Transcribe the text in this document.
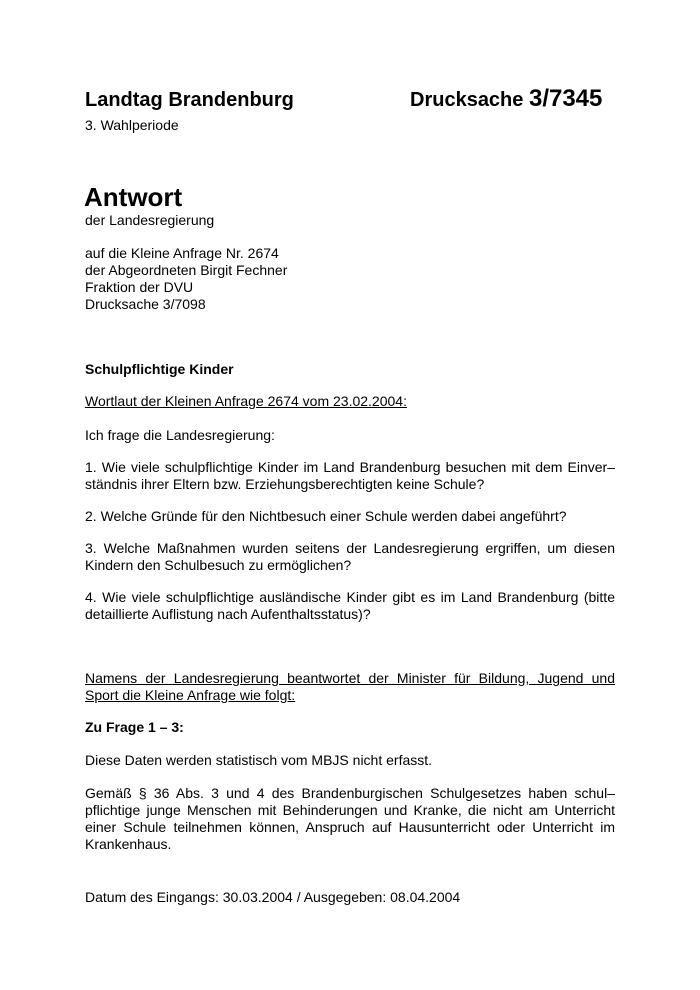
Landtag Brandenburg	Drucksache 3/7345
3. Wahlperiode
Antwort
der Landesregierung
auf die Kleine Anfrage Nr. 2674
der Abgeordneten Birgit Fechner
Fraktion der DVU
Drucksache 3/7098
Schulpflichtige Kinder
Wortlaut der Kleinen Anfrage 2674 vom 23.02.2004:
Ich frage die Landesregierung:
1. Wie viele schulpflichtige Kinder im Land Brandenburg besuchen mit dem Einver–
ständnis ihrer Eltern bzw. Erziehungsberechtigten keine Schule?
2. Welche Gründe für den Nichtbesuch einer Schule werden dabei angeführt?
3. Welche Maßnahmen wurden seitens der Landesregierung ergriffen, um diesen
Kindern den Schulbesuch zu ermöglichen?
4. Wie viele schulpflichtige ausländische Kinder gibt es im Land Brandenburg (bitte
detaillierte Auflistung nach Aufenthaltsstatus)?
Namens der Landesregierung beantwortet der Minister für Bildung, Jugend und
Sport die Kleine Anfrage wie folgt:
Zu Frage 1 – 3:
Diese Daten werden statistisch vom MBJS nicht erfasst.
Gemäß § 36 Abs. 3 und 4 des Brandenburgischen Schulgesetzes haben schul–
pflichtige junge Menschen mit Behinderungen und Kranke, die nicht am Unterricht
einer Schule teilnehmen können, Anspruch auf Hausunterricht oder Unterricht im
Krankenhaus.
Datum des Eingangs: 30.03.2004 / Ausgegeben: 08.04.2004
